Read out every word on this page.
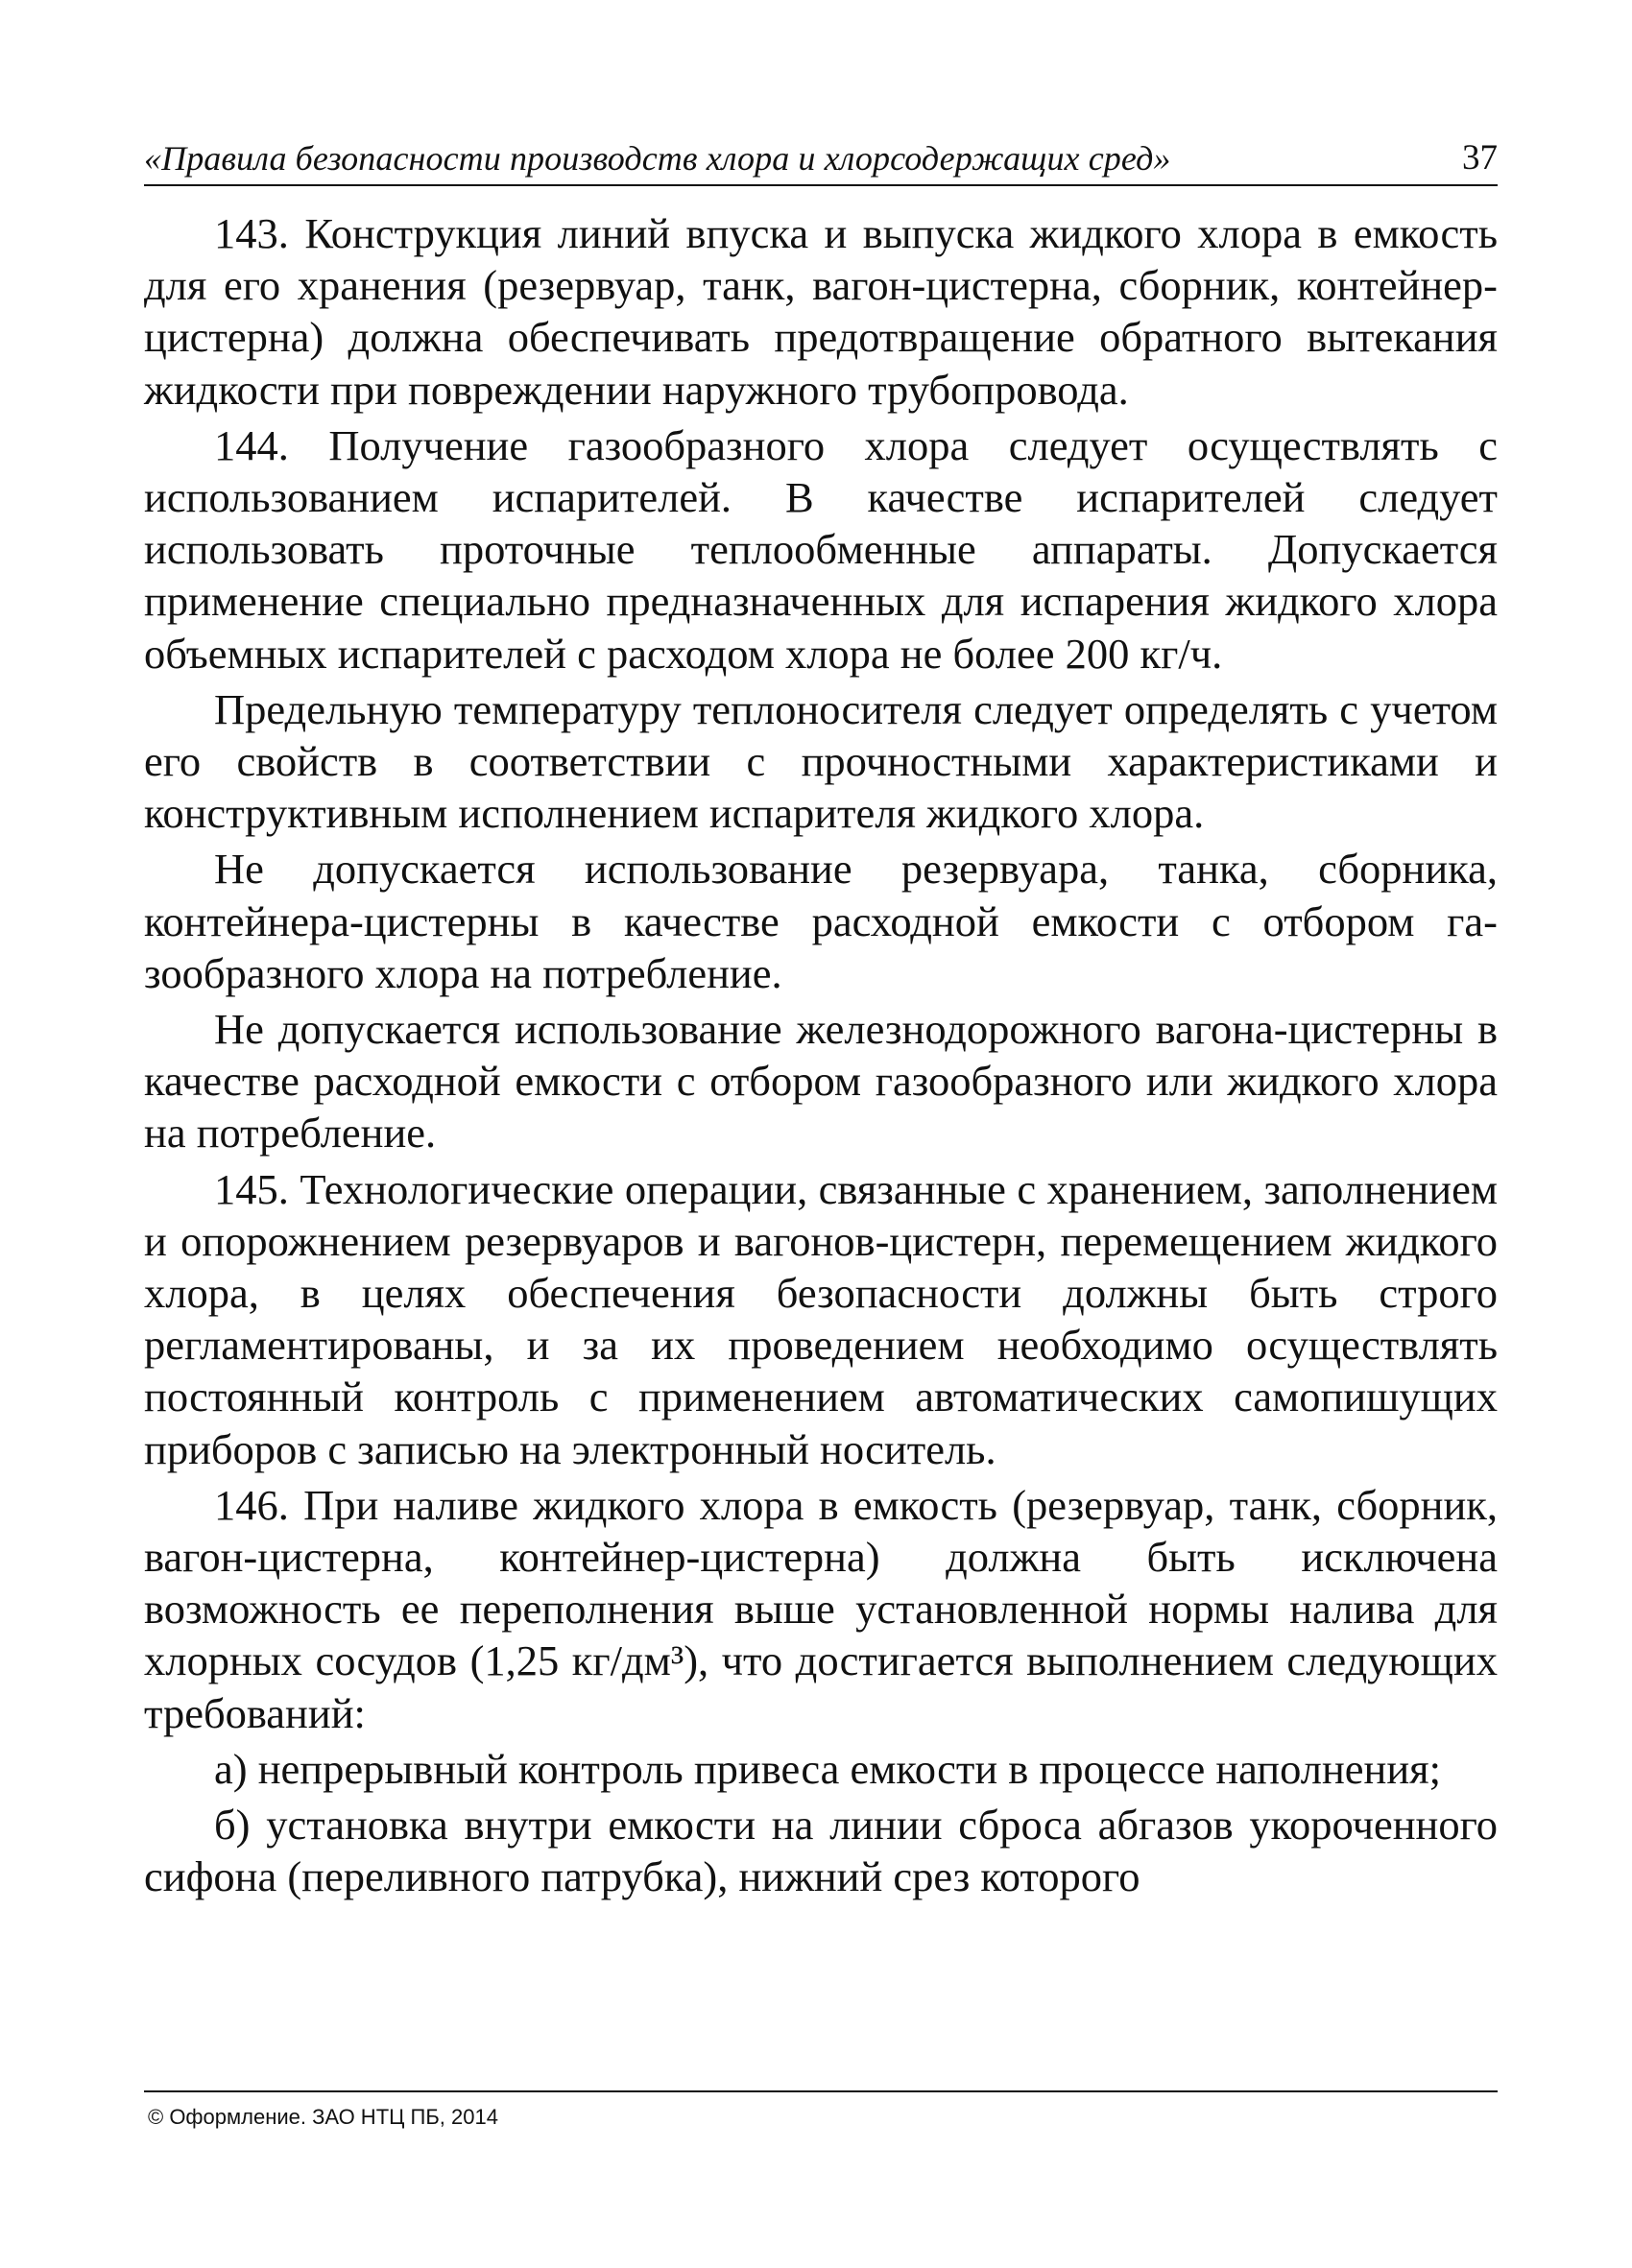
«Правила безопасности производств хлора и хлорсодержащих сред»	37

143. Конструкция линий впуска и выпуска жидкого хлора в емкость для его хранения (резервуар, танк, вагон-цистерна, сборник, контейнер-цистерна) должна обеспечивать предотвращение обратного вытекания жидкости при повреждении наружного трубопровода.

144. Получение газообразного хлора следует осуществлять с использованием испарителей. В качестве испарителей следует использовать проточные теплообменные аппараты. Допускается применение специально предназначенных для испарения жидкого хлора объемных испарителей с расходом хлора не более 200 кг/ч.

Предельную температуру теплоносителя следует определять с учетом его свойств в соответствии с прочностными характеристиками и конструктивным исполнением испарителя жидкого хлора.

Не допускается использование резервуара, танка, сборника, контейнера-цистерны в качестве расходной емкости с отбором газообразного хлора на потребление.

Не допускается использование железнодорожного вагона-цистерны в качестве расходной емкости с отбором газообразного или жидкого хлора на потребление.

145. Технологические операции, связанные с хранением, заполнением и опорожнением резервуаров и вагонов-цистерн, перемещением жидкого хлора, в целях обеспечения безопасности должны быть строго регламентированы, и за их проведением необходимо осуществлять постоянный контроль с применением автоматических самопишущих приборов с записью на электронный носитель.

146. При наливе жидкого хлора в емкость (резервуар, танк, сборник, вагон-цистерна, контейнер-цистерна) должна быть исключена возможность ее переполнения выше установленной нормы налива для хлорных сосудов (1,25 кг/дм³), что достигается выполнением следующих требований:

а) непрерывный контроль привеса емкости в процессе наполнения;

б) установка внутри емкости на линии сброса абгазов укороченного сифона (переливного патрубка), нижний срез которого

© Оформление. ЗАО НТЦ ПБ, 2014
